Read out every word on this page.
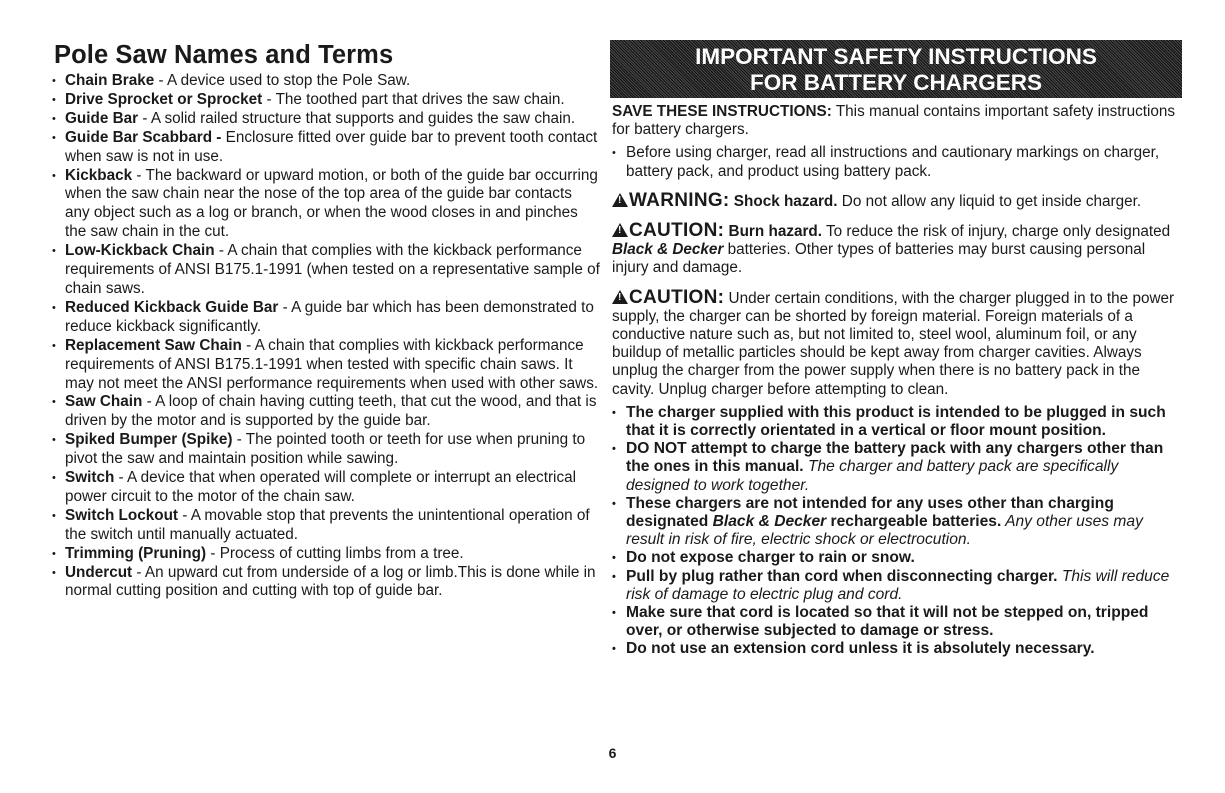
Pole Saw Names and Terms
• Chain Brake - A device used to stop the Pole Saw.
• Drive Sprocket or Sprocket - The toothed part that drives the saw chain.
• Guide Bar - A solid railed structure that supports and guides the saw chain.
• Guide Bar Scabbard - Enclosure fitted over guide bar to prevent tooth contact when saw is not in use.
• Kickback - The backward or upward motion, or both of the guide bar occurring when the saw chain near the nose of the top area of the guide bar contacts any object such as a log or branch, or when the wood closes in and pinches the saw chain in the cut.
• Low-Kickback Chain - A chain that complies with the kickback performance requirements of ANSI B175.1-1991 (when tested on a representative sample of chain saws.
• Reduced Kickback Guide Bar - A guide bar which has been demonstrated to reduce kickback significantly.
• Replacement Saw Chain - A chain that complies with kickback performance requirements of ANSI B175.1-1991 when tested with specific chain saws. It may not meet the ANSI performance requirements when used with other saws.
• Saw Chain - A loop of chain having cutting teeth, that cut the wood, and that is driven by the motor and is supported by the guide bar.
• Spiked Bumper (Spike) - The pointed tooth or teeth for use when pruning to pivot the saw and maintain position while sawing.
• Switch - A device that when operated will complete or interrupt an electrical power circuit to the motor of the chain saw.
• Switch Lockout - A movable stop that prevents the unintentional operation of the switch until manually actuated.
• Trimming (Pruning) - Process of cutting limbs from a tree.
• Undercut - An upward cut from underside of a log or limb.This is done while in normal cutting position and cutting with top of guide bar.
IMPORTANT SAFETY INSTRUCTIONS
FOR BATTERY CHARGERS

SAVE THESE INSTRUCTIONS: This manual contains important safety instructions for battery chargers.

• Before using charger, read all instructions and cautionary markings on charger, battery pack, and product using battery pack.

!WARNING: Shock hazard. Do not allow any liquid to get inside charger.

!CAUTION: Burn hazard. To reduce the risk of injury, charge only designated Black & Decker batteries. Other types of batteries may burst causing personal injury and damage.

!CAUTION: Under certain conditions, with the charger plugged in to the power supply, the charger can be shorted by foreign material. Foreign materials of a conductive nature such as, but not limited to, steel wool, aluminum foil, or any buildup of metallic particles should be kept away from charger cavities. Always unplug the charger from the power supply when there is no battery pack in the cavity. Unplug charger before attempting to clean.

• The charger supplied with this product is intended to be plugged in such that it is correctly orientated in a vertical or floor mount position.
• DO NOT attempt to charge the battery pack with any chargers other than the ones in this manual. The charger and battery pack are specifically designed to work together.
• These chargers are not intended for any uses other than charging designated Black & Decker rechargeable batteries. Any other uses may result in risk of fire, electric shock or electrocution.
• Do not expose charger to rain or snow.
• Pull by plug rather than cord when disconnecting charger. This will reduce risk of damage to electric plug and cord.
• Make sure that cord is located so that it will not be stepped on, tripped over, or otherwise subjected to damage or stress.
• Do not use an extension cord unless it is absolutely necessary.
6
